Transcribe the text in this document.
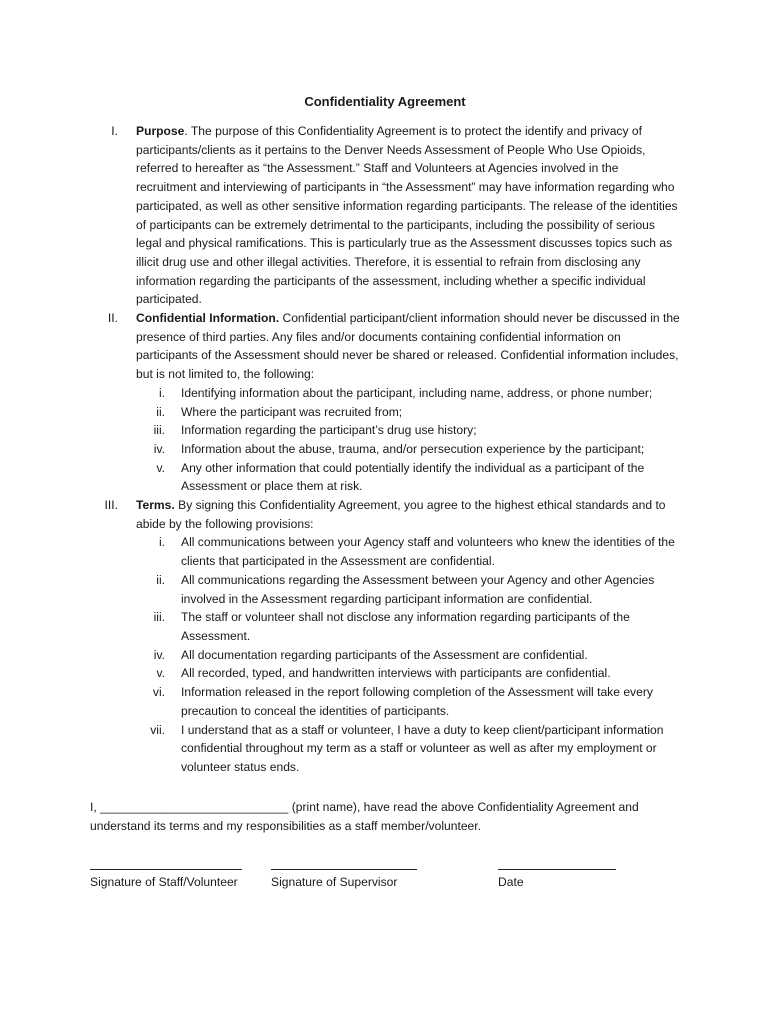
Confidentiality Agreement
I. Purpose. The purpose of this Confidentiality Agreement is to protect the identify and privacy of participants/clients as it pertains to the Denver Needs Assessment of People Who Use Opioids, referred to hereafter as “the Assessment.” Staff and Volunteers at Agencies involved in the recruitment and interviewing of participants in “the Assessment” may have information regarding who participated, as well as other sensitive information regarding participants. The release of the identities of participants can be extremely detrimental to the participants, including the possibility of serious legal and physical ramifications. This is particularly true as the Assessment discusses topics such as illicit drug use and other illegal activities. Therefore, it is essential to refrain from disclosing any information regarding the participants of the assessment, including whether a specific individual participated.
II. Confidential Information. Confidential participant/client information should never be discussed in the presence of third parties. Any files and/or documents containing confidential information on participants of the Assessment should never be shared or released. Confidential information includes, but is not limited to, the following:
i. Identifying information about the participant, including name, address, or phone number;
ii. Where the participant was recruited from;
iii. Information regarding the participant’s drug use history;
iv. Information about the abuse, trauma, and/or persecution experience by the participant;
v. Any other information that could potentially identify the individual as a participant of the Assessment or place them at risk.
III. Terms. By signing this Confidentiality Agreement, you agree to the highest ethical standards and to abide by the following provisions:
i. All communications between your Agency staff and volunteers who knew the identities of the clients that participated in the Assessment are confidential.
ii. All communications regarding the Assessment between your Agency and other Agencies involved in the Assessment regarding participant information are confidential.
iii. The staff or volunteer shall not disclose any information regarding participants of the Assessment.
iv. All documentation regarding participants of the Assessment are confidential.
v. All recorded, typed, and handwritten interviews with participants are confidential.
vi. Information released in the report following completion of the Assessment will take every precaution to conceal the identities of participants.
vii. I understand that as a staff or volunteer, I have a duty to keep client/participant information confidential throughout my term as a staff or volunteer as well as after my employment or volunteer status ends.
I, ____________________________ (print name), have read the above Confidentiality Agreement and understand its terms and my responsibilities as a staff member/volunteer.
Signature of Staff/Volunteer	Signature of Supervisor	Date
